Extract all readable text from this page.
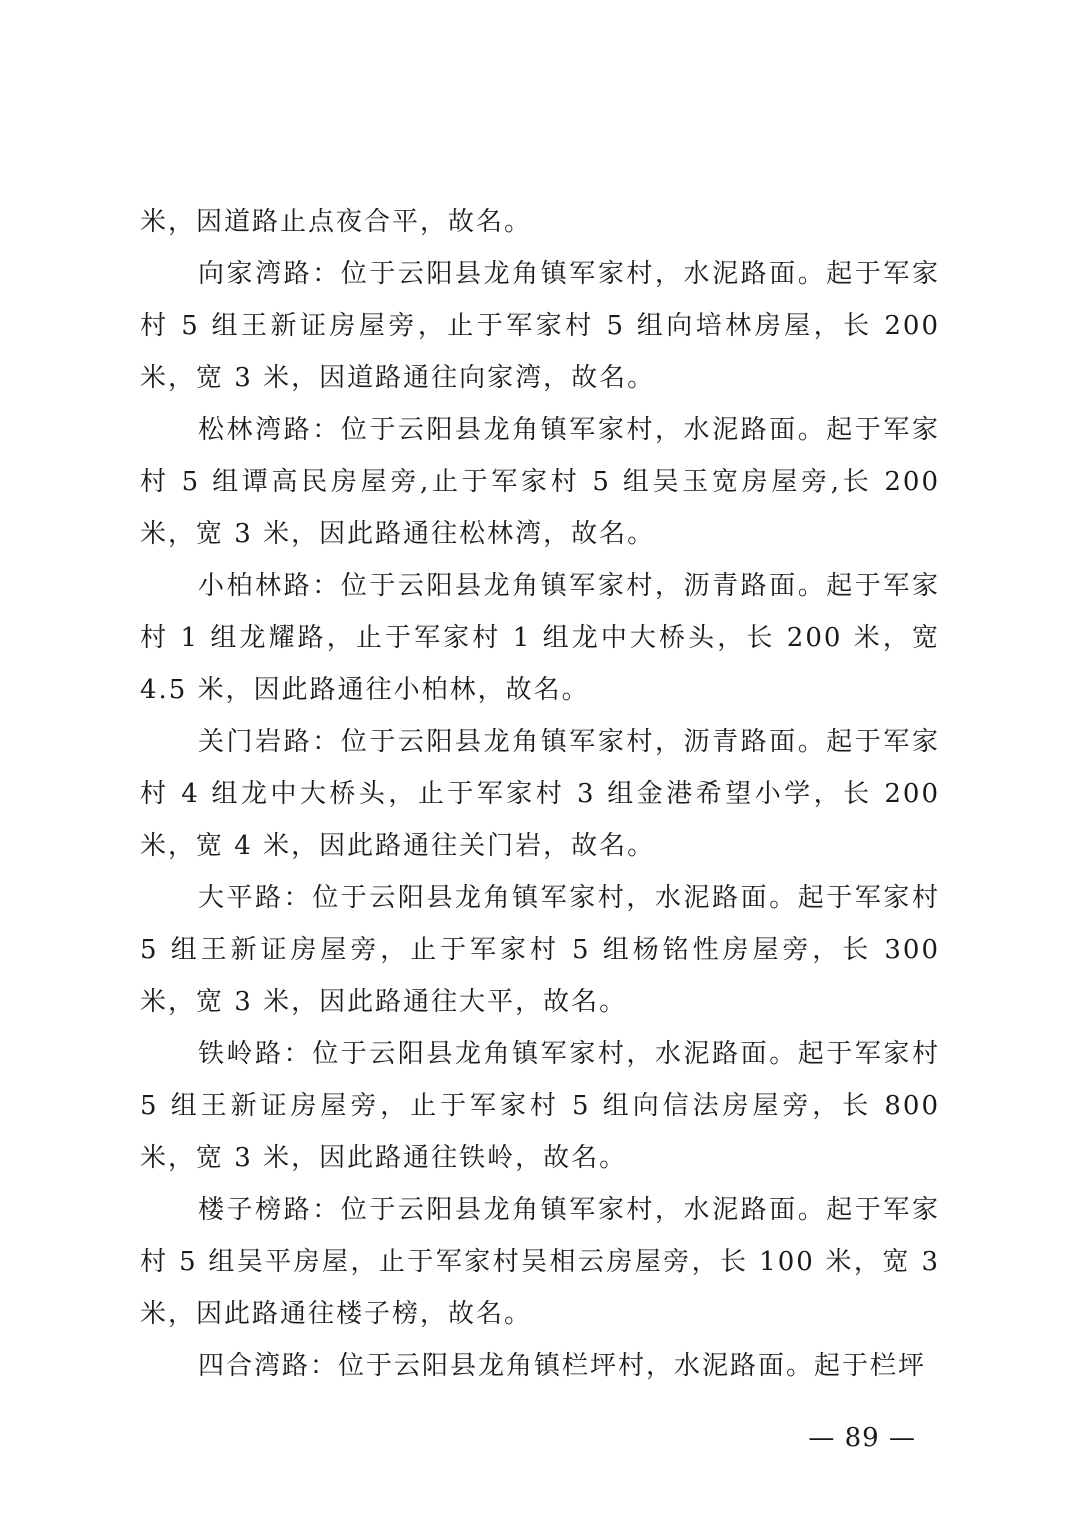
米，因道路止点夜合平，故名。

向家湾路：位于云阳县龙角镇军家村，水泥路面。起于军家村 5 组王新证房屋旁，止于军家村 5 组向培林房屋，长 200 米，宽 3 米，因道路通往向家湾，故名。

松林湾路：位于云阳县龙角镇军家村，水泥路面。起于军家村 5 组谭高民房屋旁,止于军家村 5 组吴玉宽房屋旁,长 200 米，宽 3 米，因此路通往松林湾，故名。

小柏林路：位于云阳县龙角镇军家村，沥青路面。起于军家村 1 组龙耀路，止于军家村 1 组龙中大桥头，长 200 米，宽 4.5 米，因此路通往小柏林，故名。

关门岩路：位于云阳县龙角镇军家村，沥青路面。起于军家村 4 组龙中大桥头，止于军家村 3 组金港希望小学，长 200 米，宽 4 米，因此路通往关门岩，故名。

大平路：位于云阳县龙角镇军家村，水泥路面。起于军家村 5 组王新证房屋旁，止于军家村 5 组杨铭性房屋旁，长 300 米，宽 3 米，因此路通往大平，故名。

铁岭路：位于云阳县龙角镇军家村，水泥路面。起于军家村 5 组王新证房屋旁，止于军家村 5 组向信法房屋旁，长 800 米，宽 3 米，因此路通往铁岭，故名。

楼子榜路：位于云阳县龙角镇军家村，水泥路面。起于军家村 5 组吴平房屋，止于军家村吴相云房屋旁，长 100 米，宽 3 米，因此路通往楼子榜，故名。

四合湾路：位于云阳县龙角镇栏坪村，水泥路面。起于栏坪

— 89 —
